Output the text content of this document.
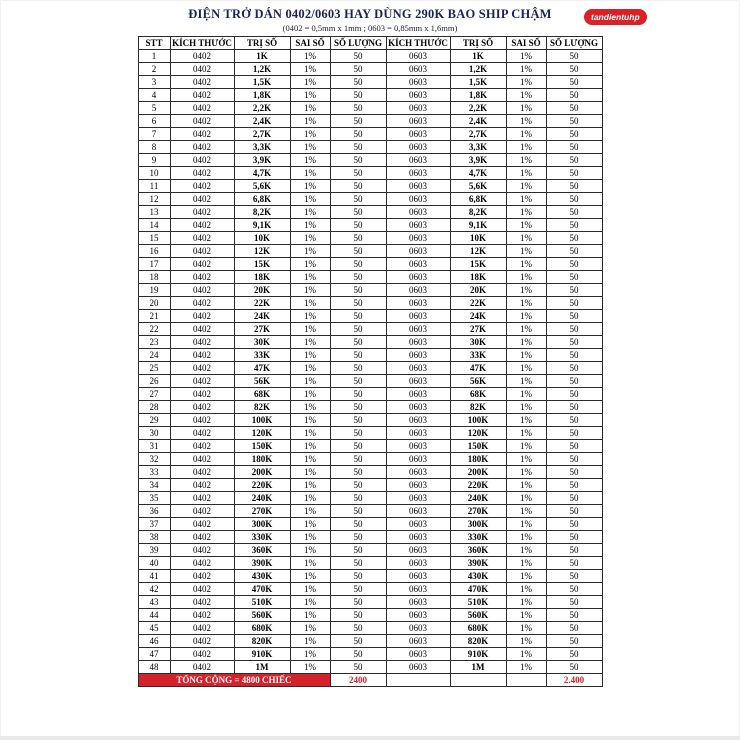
ĐIỆN TRỞ DÁN 0402/0603 HAY DÙNG 290K BAO SHIP CHẬM
(0402 = 0,5mm x 1mm ; 0603 = 0,85mm x 1,6mm)
tandientuhp
STT	KÍCH THƯỚC	TRỊ SỐ	SAI SỐ	SỐ LƯỢNG	KÍCH THƯỚC	TRỊ SỐ	SAI SỐ	SỐ LƯỢNG
1	0402	1K	1%	50	0603	1K	1%	50
2	0402	1,2K	1%	50	0603	1,2K	1%	50
3	0402	1,5K	1%	50	0603	1,5K	1%	50
4	0402	1,8K	1%	50	0603	1,8K	1%	50
5	0402	2,2K	1%	50	0603	2,2K	1%	50
6	0402	2,4K	1%	50	0603	2,4K	1%	50
7	0402	2,7K	1%	50	0603	2,7K	1%	50
8	0402	3,3K	1%	50	0603	3,3K	1%	50
9	0402	3,9K	1%	50	0603	3,9K	1%	50
10	0402	4,7K	1%	50	0603	4,7K	1%	50
11	0402	5,6K	1%	50	0603	5,6K	1%	50
12	0402	6,8K	1%	50	0603	6,8K	1%	50
13	0402	8,2K	1%	50	0603	8,2K	1%	50
14	0402	9,1K	1%	50	0603	9,1K	1%	50
15	0402	10K	1%	50	0603	10K	1%	50
16	0402	12K	1%	50	0603	12K	1%	50
17	0402	15K	1%	50	0603	15K	1%	50
18	0402	18K	1%	50	0603	18K	1%	50
19	0402	20K	1%	50	0603	20K	1%	50
20	0402	22K	1%	50	0603	22K	1%	50
21	0402	24K	1%	50	0603	24K	1%	50
22	0402	27K	1%	50	0603	27K	1%	50
23	0402	30K	1%	50	0603	30K	1%	50
24	0402	33K	1%	50	0603	33K	1%	50
25	0402	47K	1%	50	0603	47K	1%	50
26	0402	56K	1%	50	0603	56K	1%	50
27	0402	68K	1%	50	0603	68K	1%	50
28	0402	82K	1%	50	0603	82K	1%	50
29	0402	100K	1%	50	0603	100K	1%	50
30	0402	120K	1%	50	0603	120K	1%	50
31	0402	150K	1%	50	0603	150K	1%	50
32	0402	180K	1%	50	0603	180K	1%	50
33	0402	200K	1%	50	0603	200K	1%	50
34	0402	220K	1%	50	0603	220K	1%	50
35	0402	240K	1%	50	0603	240K	1%	50
36	0402	270K	1%	50	0603	270K	1%	50
37	0402	300K	1%	50	0603	300K	1%	50
38	0402	330K	1%	50	0603	330K	1%	50
39	0402	360K	1%	50	0603	360K	1%	50
40	0402	390K	1%	50	0603	390K	1%	50
41	0402	430K	1%	50	0603	430K	1%	50
42	0402	470K	1%	50	0603	470K	1%	50
43	0402	510K	1%	50	0603	510K	1%	50
44	0402	560K	1%	50	0603	560K	1%	50
45	0402	680K	1%	50	0603	680K	1%	50
46	0402	820K	1%	50	0603	820K	1%	50
47	0402	910K	1%	50	0603	910K	1%	50
48	0402	1M	1%	50	0603	1M	1%	50
TỔNG CỘNG = 4800 CHIẾC				2400				2.400
